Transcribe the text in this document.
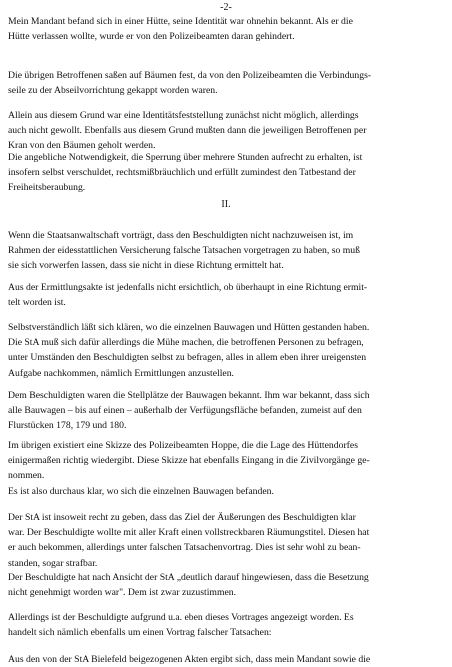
-2-
II.
Mein Mandant befand sich in einer Hütte, seine Identität war ohnehin bekannt. Als er die
Hütte verlassen wollte, wurde er von den Polizeibeamten daran gehindert.
Die übrigen Betroffenen saßen auf Bäumen fest, da von den Polizeibeamten die Verbindungs-
seile zu der Abseilvorrichtung gekappt worden waren.
Allein aus diesem Grund war eine Identitätsfeststellung zunächst nicht möglich, allerdings
auch nicht gewollt. Ebenfalls aus diesem Grund mußten dann die jeweiligen Betroffenen per
Kran von den Bäumen geholt werden.
Die angebliche Notwendigkeit, die Sperrung über mehrere Stunden aufrecht zu erhalten, ist
insofern selbst verschuldet, rechtsmißbräuchlich und erfüllt zumindest den Tatbestand der
Freiheitsberaubung.
Wenn die Staatsanwaltschaft vorträgt, dass den Beschuldigten nicht nachzuweisen ist, im
Rahmen der eidesstattlichen Versicherung falsche Tatsachen vorgetragen zu haben, so muß
sie sich vorwerfen lassen, dass sie nicht in diese Richtung ermittelt hat.
Aus der Ermittlungsakte ist jedenfalls nicht ersichtlich, ob überhaupt in eine Richtung ermit-
telt worden ist.
Selbstverständlich läßt sich klären, wo die einzelnen Bauwagen und Hütten gestanden haben.
Die StA muß sich dafür allerdings die Mühe machen, die betroffenen Personen zu befragen,
unter Umständen den Beschuldigten selbst zu befragen, alles in allem eben ihrer ureigensten
Aufgabe nachkommen, nämlich Ermittlungen anzustellen.
Dem Beschuldigten waren die Stellplätze der Bauwagen bekannt. Ihm war bekannt, dass sich
alle Bauwagen – bis auf einen – außerhalb der Verfügungsfläche befanden, zumeist auf den
Flurstücken 178, 179 und 180.
Im übrigen existiert eine Skizze des Polizeibeamten Hoppe, die die Lage des Hüttendorfes
einigermaßen richtig wiedergibt. Diese Skizze hat ebenfalls Eingang in die Zivilvorgänge ge-
nommen.
Es ist also durchaus klar, wo sich die einzelnen Bauwagen befanden.
Der StA ist insoweit recht zu geben, dass das Ziel der Äußerungen des Beschuldigten klar
war. Der Beschuldigte wollte mit aller Kraft einen vollstreckbaren Räumungstitel. Diesen hat
er auch bekommen, allerdings unter falschen Tatsachenvortrag. Dies ist sehr wohl zu bean-
standen, sogar strafbar.
Der Beschuldigte hat nach Ansicht der StA „deutlich darauf hingewiesen, dass die Besetzung
nicht genehmigt worden war". Dem ist zwar zuzustimmen.
Allerdings ist der Beschuldigte aufgrund u.a. eben dieses Vortrages angezeigt worden. Es
handelt sich nämlich ebenfalls um einen Vortrag falscher Tatsachen:
Aus den von der StA Bielefeld beigezogenen Akten ergibt sich, dass mein Mandant sowie die
